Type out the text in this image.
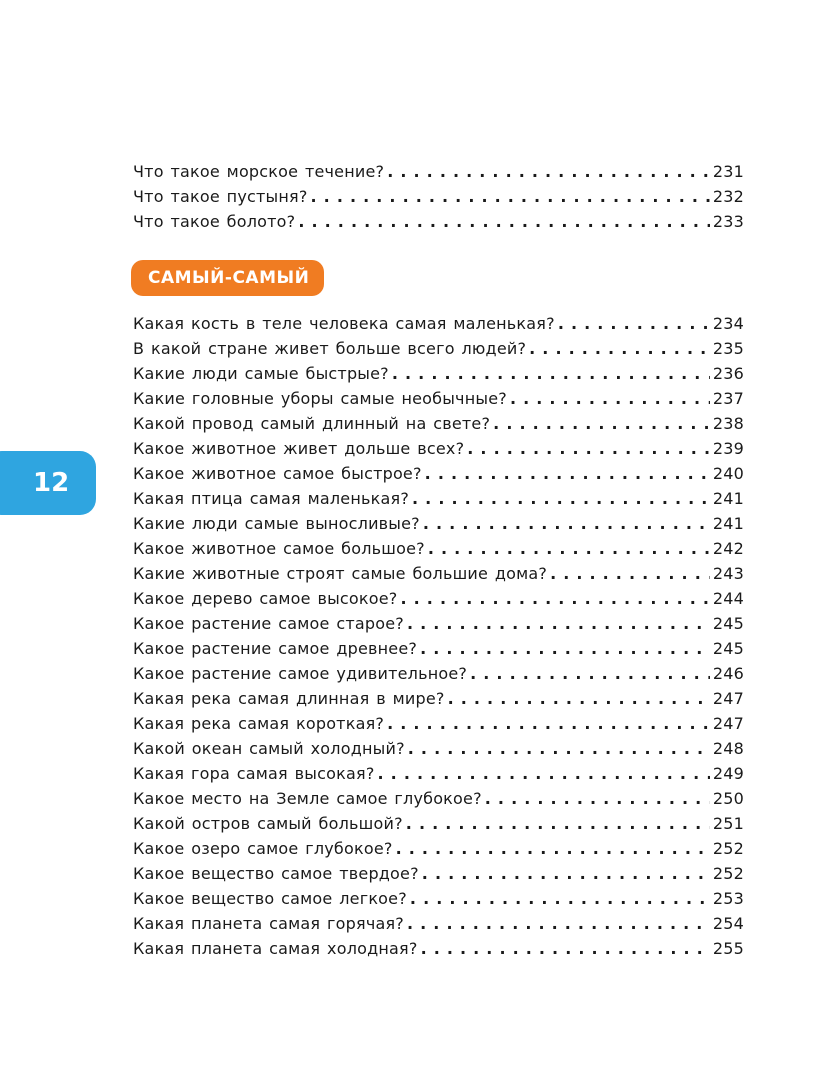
Что такое морское течение? . . .	231
Что такое пустыня? . . .	232
Что такое болото? . . .	233
САМЫЙ-САМЫЙ
12
Какая кость в теле человека самая маленькая? . . .	234
В какой стране живет больше всего людей? . . .	235
Какие люди самые быстрые? . . .	236
Какие головные уборы самые необычные? . . .	237
Какой провод самый длинный на свете? . . .	238
Какое животное живет дольше всех? . . .	239
Какое животное самое быстрое? . . .	240
Какая птица самая маленькая? . . .	241
Какие люди самые выносливые? . . .	241
Какое животное самое большое? . . .	242
Какие животные строят самые большие дома? . . .	243
Какое дерево самое высокое? . . .	244
Какое растение самое старое? . . .	245
Какое растение самое древнее? . . .	245
Какое растение самое удивительное? . . .	246
Какая река самая длинная в мире? . . .	247
Какая река самая короткая? . . .	247
Какой океан самый холодный? . . .	248
Какая гора самая высокая? . . .	249
Какое место на Земле самое глубокое? . . .	250
Какой остров самый большой? . . .	251
Какое озеро самое глубокое? . . .	252
Какое вещество самое твердое? . . .	252
Какое вещество самое легкое? . . .	253
Какая планета самая горячая? . . .	254
Какая планета самая холодная? . . .	255
